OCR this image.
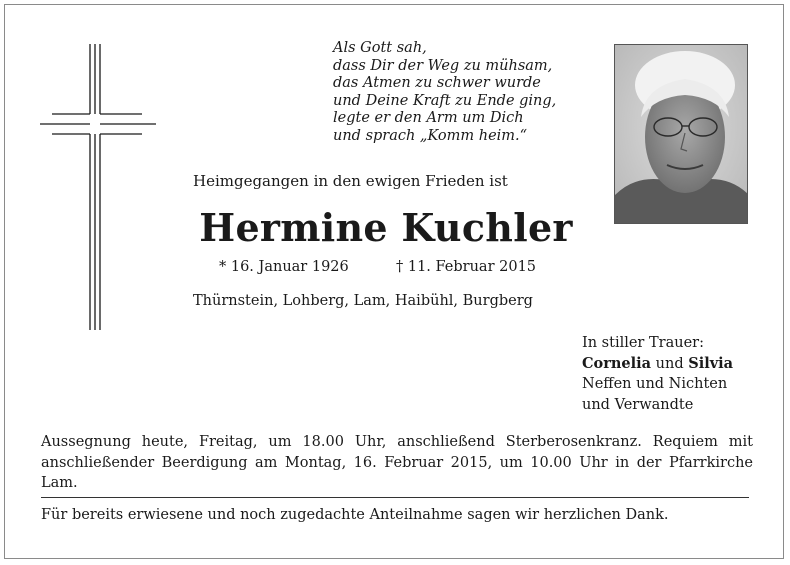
Als Gott sah,
dass Dir der Weg zu mühsam,
das Atmen zu schwer wurde
und Deine Kraft zu Ende ging,
legte er den Arm um Dich
und sprach „Komm heim.“
Heimgegangen in den ewigen Frieden ist
Hermine Kuchler
* 16. Januar 1926	† 11. Februar 2015
Thürnstein, Lohberg, Lam, Haibühl, Burgberg
In stiller Trauer:
Cornelia und Silvia
Neffen und Nichten
und Verwandte
Aussegnung heute, Freitag, um 18.00 Uhr, anschließend Sterberosenkranz. Requiem mit anschließender Beerdigung am Montag, 16. Februar 2015, um 10.00 Uhr in der Pfarrkirche Lam.
Für bereits erwiesene und noch zugedachte Anteilnahme sagen wir herzlichen Dank.
